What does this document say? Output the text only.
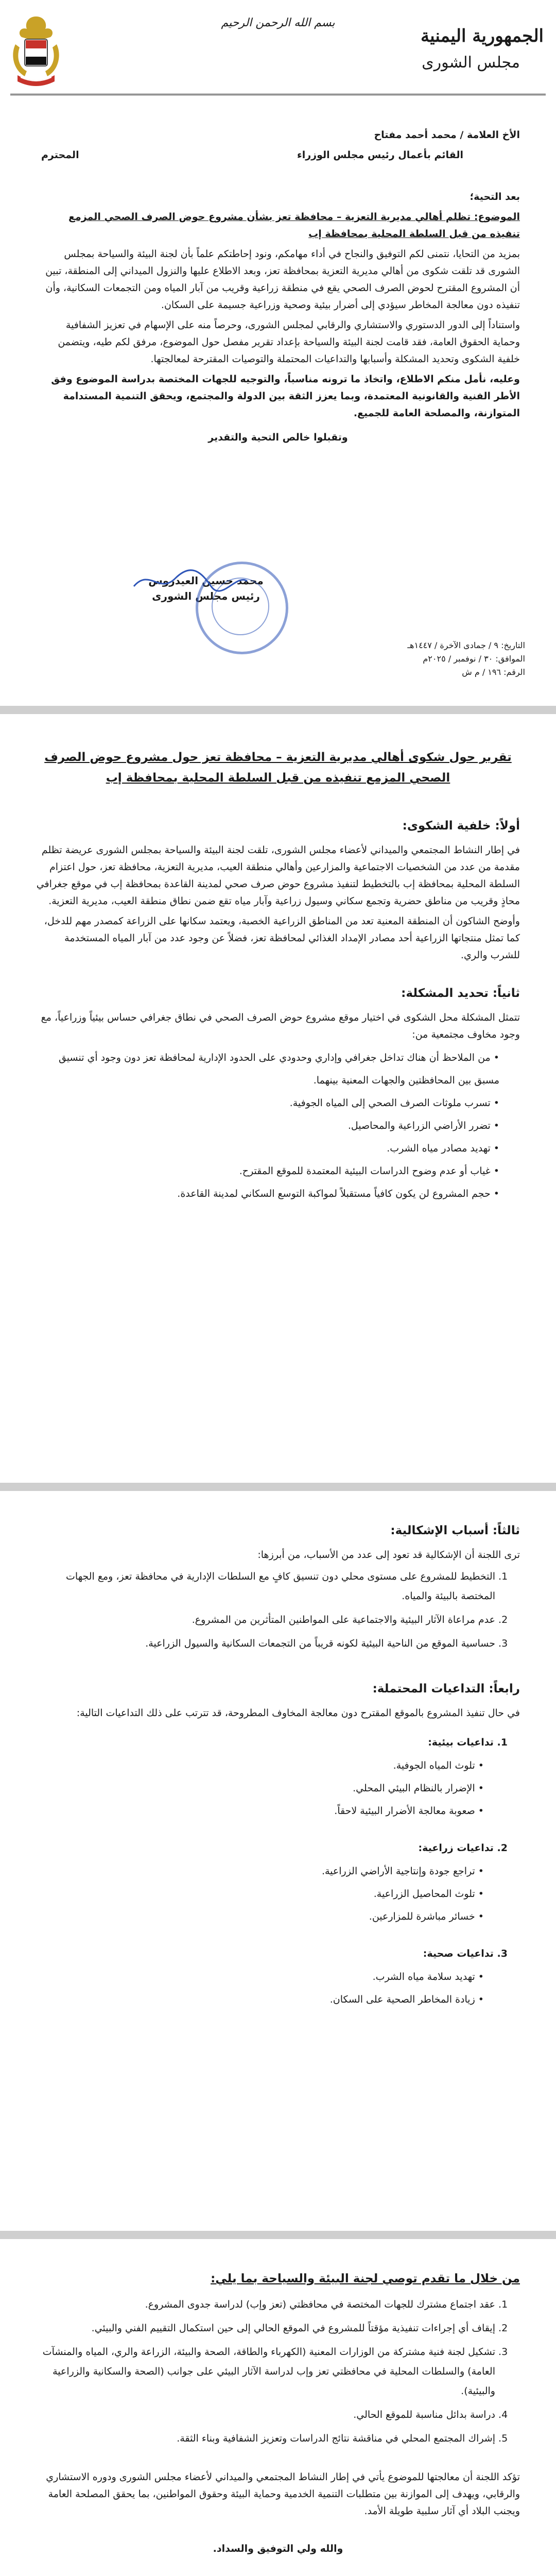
الجمهورية اليمنية
مجلس الشورى
بسم الله الرحمن الرحيم
الأخ العلامة / محمد أحمد مفتاح
القائم بأعمال رئيس مجلس الوزراء
المحترم

بعد التحية؛

الموضوع: تظلم أهالي مديرية التعزية – محافظة تعز بشأن مشروع حوض الصرف الصحي المزمع تنفيذه من قبل السلطة المحلية بمحافظة إب

بمزيد من التحايا، نتمنى لكم التوفيق والنجاح في أداء مهامكم، ونود إحاطتكم علماً بأن لجنة البيئة والسياحة بمجلس الشورى قد تلقت شكوى من أهالي مديرية التعزية بمحافظة تعز، وبعد الاطلاع عليها والنزول الميداني إلى المنطقة، تبين أن المشروع المقترح لحوض الصرف الصحي يقع في منطقة زراعية وقريب من آبار المياه ومن التجمعات السكانية، وأن تنفيذه دون معالجة المخاطر سيؤدي إلى أضرار بيئية وصحية وزراعية جسيمة على السكان.

واستناداً إلى الدور الدستوري والاستشاري والرقابي لمجلس الشورى، وحرصاً منه على الإسهام في تعزيز الشفافية وحماية الحقوق العامة، فقد قامت لجنة البيئة والسياحة بإعداد تقرير مفصل حول الموضوع، مرفق لكم طيه، ويتضمن خلفية الشكوى وتحديد المشكلة وأسبابها والتداعيات المحتملة والتوصيات المقترحة لمعالجتها.

وعليه، نأمل منكم الاطلاع، واتخاذ ما ترونه مناسباً، والتوجيه للجهات المختصة بدراسة الموضوع وفق الأطر الفنية والقانونية المعتمدة، وبما يعزز الثقة بين الدولة والمجتمع، ويحقق التنمية المستدامة المتوازنة، والمصلحة العامة للجميع.

وتقبلوا خالص التحية والتقدير

محمد حسين العيدروس
رئيس مجلس الشورى
التاريخ: ٩ / جمادى الآخرة / ١٤٤٧هـ
الموافق: ٣٠ / نوفمبر / ٢٠٢٥م
الرقم: ١٩٦ / م ش

تقرير حول شكوى أهالي مديرية التعزية – محافظة تعز حول مشروع حوض الصرف الصحي المزمع تنفيذه من قبل السلطة المحلية بمحافظة إب

أولاً: خلفية الشكوى:

في إطار النشاط المجتمعي والميداني لأعضاء مجلس الشورى، تلقت لجنة البيئة والسياحة بمجلس الشورى عريضة تظلم مقدمة من عدد من الشخصيات الاجتماعية والمزارعين وأهالي منطقة العيب، مديرية التعزية، محافظة تعز، حول اعتزام السلطة المحلية بمحافظة إب بالتخطيط لتنفيذ مشروع حوض صرف صحي لمدينة القاعدة بمحافظة إب في موقع جغرافي محاذٍ وقريب من مناطق حضرية وتجمع سكاني وسيول زراعية وآبار مياه تقع ضمن نطاق منطقة العيب، مديرية التعزية.

وأوضح الشاكون أن المنطقة المعنية تعد من المناطق الزراعية الخصبة، ويعتمد سكانها على الزراعة كمصدر مهم للدخل، كما تمثل منتجاتها الزراعية أحد مصادر الإمداد الغذائي لمحافظة تعز، فضلاً عن وجود عدد من آبار المياه المستخدمة للشرب والري.

ثانياً: تحديد المشكلة:

تتمثل المشكلة محل الشكوى في اختيار موقع مشروع حوض الصرف الصحي في نطاق جغرافي حساس بيئياً وزراعياً، مع وجود مخاوف مجتمعية من:

• من الملاحظ أن هناك تداخل جغرافي وإداري وحدودي على الحدود الإدارية لمحافظة تعز دون وجود أي تنسيق مسبق بين المحافظتين والجهات المعنية بينهما.
• تسرب ملوثات الصرف الصحي إلى المياه الجوفية.
• تضرر الأراضي الزراعية والمحاصيل.
• تهديد مصادر مياه الشرب.
• غياب أو عدم وضوح الدراسات البيئية المعتمدة للموقع المقترح.
• حجم المشروع لن يكون كافياً مستقبلاً لمواكبة التوسع السكاني لمدينة القاعدة.

ثالثاً: أسباب الإشكالية:

ترى اللجنة أن الإشكالية قد تعود إلى عدد من الأسباب، من أبرزها:

1. التخطيط للمشروع على مستوى محلي دون تنسيق كافٍ مع السلطات الإدارية في محافظة تعز، ومع الجهات المختصة بالبيئة والمياه.
2. عدم مراعاة الآثار البيئية والاجتماعية على المواطنين المتأثرين من المشروع.
3. حساسية الموقع من الناحية البيئية لكونه قريباً من التجمعات السكانية والسيول الزراعية.

رابعاً: التداعيات المحتملة:

في حال تنفيذ المشروع بالموقع المقترح دون معالجة المخاوف المطروحة، قد تترتب على ذلك التداعيات التالية:

1. تداعيات بيئية:

• تلوث المياه الجوفية.
• الإضرار بالنظام البيئي المحلي.
• صعوبة معالجة الأضرار البيئية لاحقاً.

2. تداعيات زراعية:

• تراجع جودة وإنتاجية الأراضي الزراعية.
• تلوث المحاصيل الزراعية.
• خسائر مباشرة للمزارعين.

3. تداعيات صحية:

• تهديد سلامة مياه الشرب.
• زيادة المخاطر الصحية على السكان.

من خلال ما تقدم توصي لجنة البيئة والسياحة بما يلي:

1. عقد اجتماع مشترك للجهات المختصة في محافظتي (تعز وإب) لدراسة جدوى المشروع.
2. إيقاف أي إجراءات تنفيذية مؤقتاً للمشروع في الموقع الحالي إلى حين استكمال التقييم الفني والبيئي.
3. تشكيل لجنة فنية مشتركة من الوزارات المعنية (الكهرباء والطاقة، الصحة والبيئة، الزراعة والري، المياه والمنشآت العامة) والسلطات المحلية في محافظتي تعز وإب لدراسة الآثار البيئي على جوانب (الصحة والسكانية والزراعية والبيئية).
4. دراسة بدائل مناسبة للموقع الحالي.
5. إشراك المجتمع المحلي في مناقشة نتائج الدراسات وتعزيز الشفافية وبناء الثقة.

تؤكد اللجنة أن معالجتها للموضوع يأتي في إطار النشاط المجتمعي والميداني لأعضاء مجلس الشورى ودوره الاستشاري والرقابي، ويهدف إلى الموازنة بين متطلبات التنمية الخدمية وحماية البيئة وحقوق المواطنين، بما يحقق المصلحة العامة ويجنب البلاد أي آثار سلبية طويلة الأمد.

والله ولي التوفيق والسداد.
